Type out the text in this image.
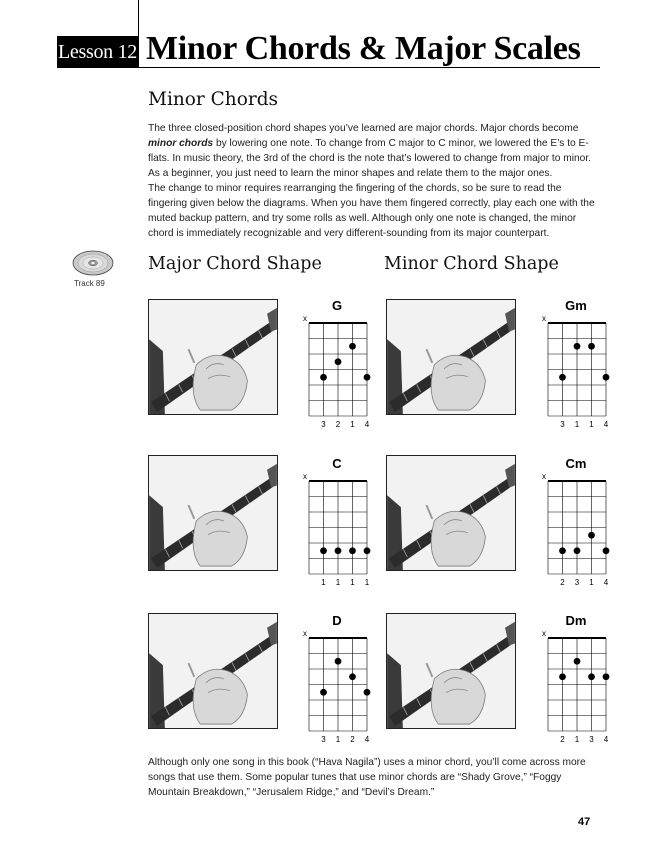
Lesson 12 Minor Chords & Major Scales
Minor Chords

The three closed-position chord shapes you’ve learned are major chords. Major chords become minor chords by lowering one note. To change from C major to C minor, we lowered the E’s to E-flats. In music theory, the 3rd of the chord is the note that’s lowered to change from major to minor. As a beginner, you just need to learn the minor shapes and relate them to the major ones.

The change to minor requires rearranging the fingering of the chords, so be sure to read the fingering given below the diagrams. When you have them fingered correctly, play each one with the muted backup pattern, and try some rolls as well. Although only one note is changed, the minor chord is immediately recognizable and very different-sounding from its major counterpart.

Track 89
Major Chord Shape	Minor Chord Shape
G
x
3 2 1 4
Gm
x
3 1 1 4
C
x
1 1 1 1
Cm
x
2 3 1 4
D
x
3 1 2 4
Dm
x
2 1 3 4

Although only one song in this book (“Hava Nagila”) uses a minor chord, you’ll come across more songs that use them. Some popular tunes that use minor chords are “Shady Grove,” “Foggy Mountain Breakdown,” “Jerusalem Ridge,” and “Devil’s Dream.”

47
